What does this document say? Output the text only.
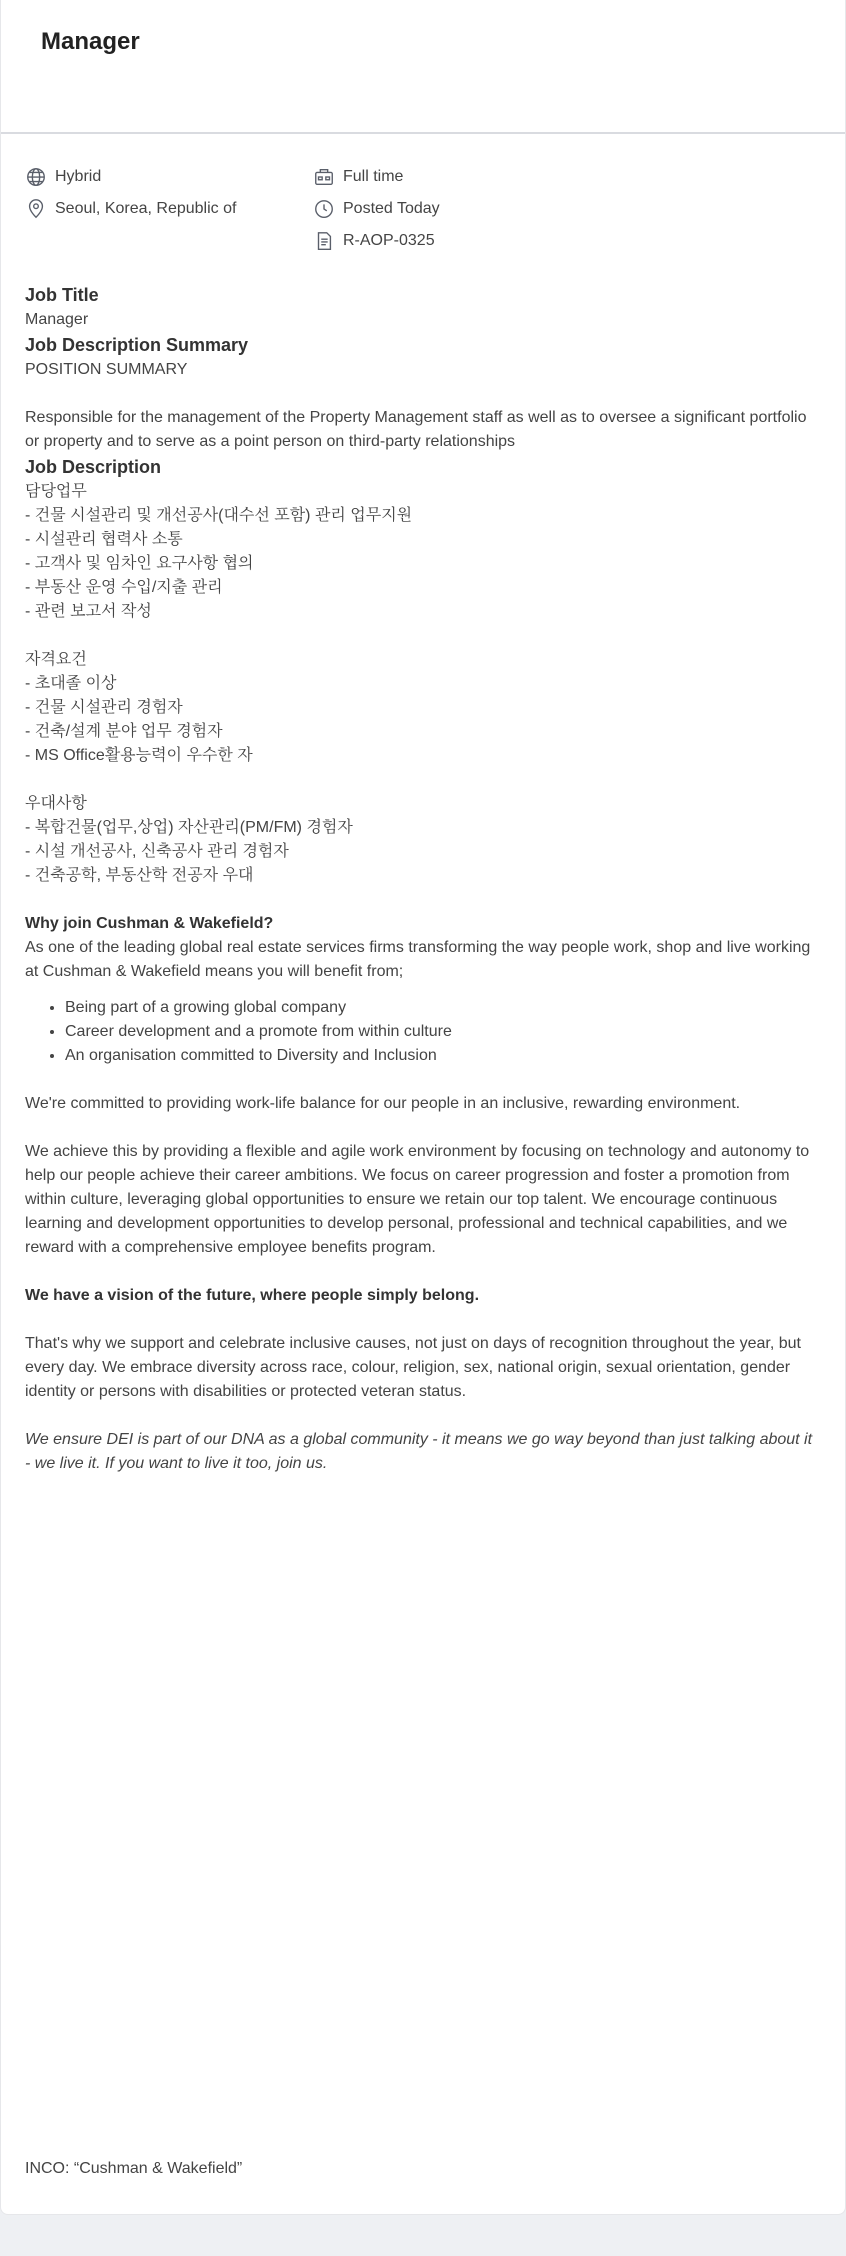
Manager
Hybrid
Seoul, Korea, Republic of
Full time
Posted Today
R-AOP-0325
Job Title
Manager
Job Description Summary
POSITION SUMMARY
Responsible for the management of the Property Management staff as well as to oversee a significant portfolio or property and to serve as a point person on third-party relationships
Job Description
담당업무
- 건물 시설관리 및 개선공사(대수선 포함) 관리 업무지원
- 시설관리 협력사 소통
- 고객사 및 임차인 요구사항 협의
- 부동산 운영 수입/지출 관리
- 관련 보고서 작성
자격요건
- 초대졸 이상
- 건물 시설관리 경험자
- 건축/설계 분야 업무 경험자
- MS Office활용능력이 우수한 자
우대사항
- 복합건물(업무,상업) 자산관리(PM/FM) 경험자
- 시설 개선공사, 신축공사 관리 경험자
- 건축공학, 부동산학 전공자 우대
Why join Cushman & Wakefield?
As one of the leading global real estate services firms transforming the way people work, shop and live working at Cushman & Wakefield means you will benefit from;
• Being part of a growing global company
• Career development and a promote from within culture
• An organisation committed to Diversity and Inclusion
We're committed to providing work-life balance for our people in an inclusive, rewarding environment.
We achieve this by providing a flexible and agile work environment by focusing on technology and autonomy to help our people achieve their career ambitions. We focus on career progression and foster a promotion from within culture, leveraging global opportunities to ensure we retain our top talent. We encourage continuous learning and development opportunities to develop personal, professional and technical capabilities, and we reward with a comprehensive employee benefits program.
We have a vision of the future, where people simply belong.
That's why we support and celebrate inclusive causes, not just on days of recognition throughout the year, but every day. We embrace diversity across race, colour, religion, sex, national origin, sexual orientation, gender identity or persons with disabilities or protected veteran status.
We ensure DEI is part of our DNA as a global community - it means we go way beyond than just talking about it - we live it. If you want to live it too, join us.
INCO: “Cushman & Wakefield”
